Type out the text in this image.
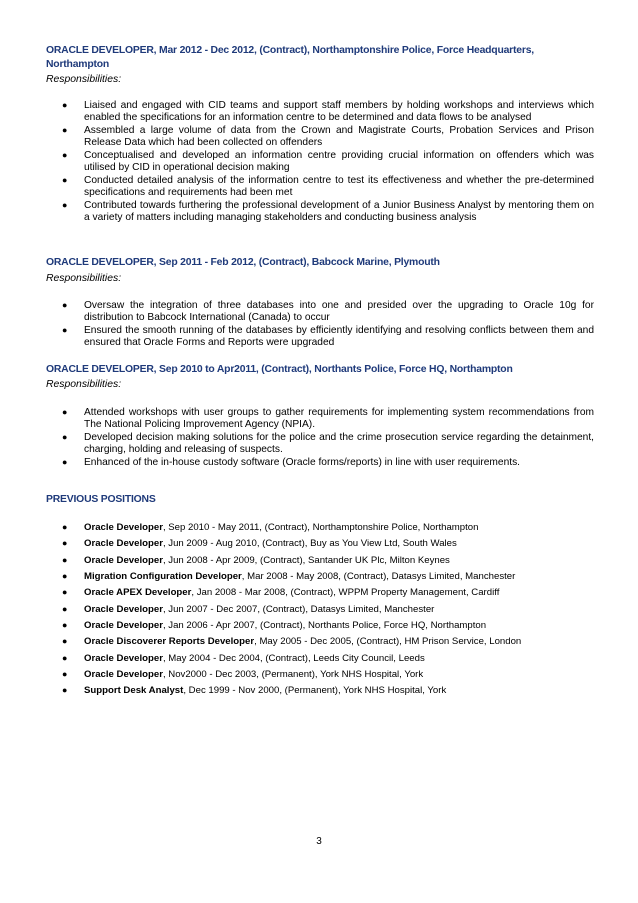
ORACLE DEVELOPER, Mar 2012 - Dec 2012, (Contract), Northamptonshire Police, Force Headquarters, Northampton
Responsibilities:
● Liaised and engaged with CID teams and support staff members by holding workshops and interviews which enabled the specifications for an information centre to be determined and data flows to be analysed
● Assembled a large volume of data from the Crown and Magistrate Courts, Probation Services and Prison Release Data which had been collected on offenders
● Conceptualised and developed an information centre providing crucial information on offenders which was utilised by CID in operational decision making
● Conducted detailed analysis of the information centre to test its effectiveness and whether the pre-determined specifications and requirements had been met
● Contributed towards furthering the professional development of a Junior Business Analyst by mentoring them on a variety of matters including managing stakeholders and conducting business analysis
ORACLE DEVELOPER, Sep 2011 - Feb 2012, (Contract), Babcock Marine, Plymouth
Responsibilities:
● Oversaw the integration of three databases into one and presided over the upgrading to Oracle 10g for distribution to Babcock International (Canada) to occur
● Ensured the smooth running of the databases by efficiently identifying and resolving conflicts between them and ensured that Oracle Forms and Reports were upgraded
ORACLE DEVELOPER, Sep 2010 to Apr2011, (Contract), Northants Police, Force HQ, Northampton
Responsibilities:
● Attended workshops with user groups to gather requirements for implementing system recommendations from The National Policing Improvement Agency (NPIA).
● Developed decision making solutions for the police and the crime prosecution service regarding the detainment, charging, holding and releasing of suspects.
● Enhanced of the in-house custody software (Oracle forms/reports) in line with user requirements.
PREVIOUS POSITIONS
● Oracle Developer, Sep 2010 - May 2011, (Contract), Northamptonshire Police, Northampton
● Oracle Developer, Jun 2009 - Aug 2010, (Contract), Buy as You View Ltd, South Wales
● Oracle Developer, Jun 2008 - Apr 2009, (Contract), Santander UK Plc, Milton Keynes
● Migration Configuration Developer, Mar 2008 - May 2008, (Contract), Datasys Limited, Manchester
● Oracle APEX Developer, Jan 2008 - Mar 2008, (Contract), WPPM Property Management, Cardiff
● Oracle Developer, Jun 2007 - Dec 2007, (Contract), Datasys Limited, Manchester
● Oracle Developer, Jan 2006 - Apr 2007, (Contract), Northants Police, Force HQ, Northampton
● Oracle Discoverer Reports Developer, May 2005 - Dec 2005, (Contract), HM Prison Service, London
● Oracle Developer, May 2004 - Dec 2004, (Contract), Leeds City Council, Leeds
● Oracle Developer, Nov2000 - Dec 2003, (Permanent), York NHS Hospital, York
● Support Desk Analyst, Dec 1999 - Nov 2000, (Permanent), York NHS Hospital, York
3
